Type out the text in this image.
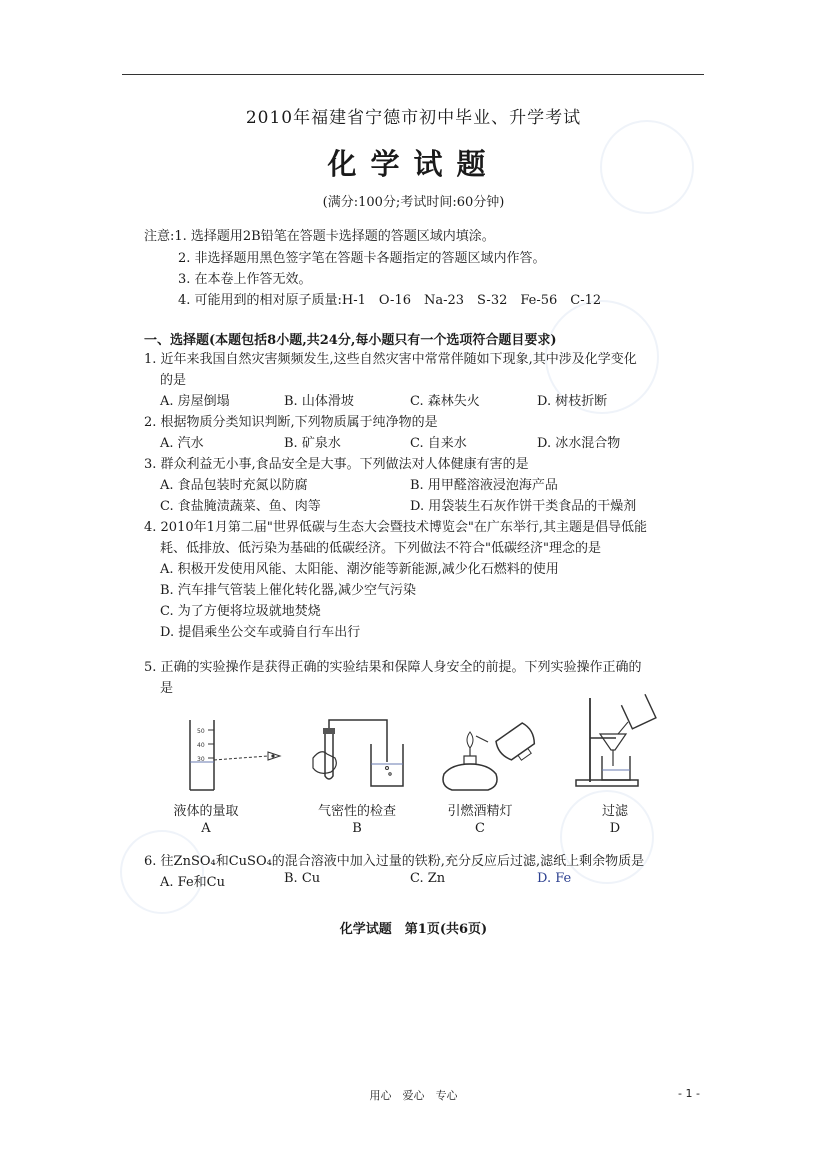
2010年福建省宁德市初中毕业、升学考试
化学试题
(满分:100分;考试时间:60分钟)
注意:1. 选择题用2B铅笔在答题卡选择题的答题区域内填涂。
2. 非选择题用黑色签字笔在答题卡各题指定的答题区域内作答。
3. 在本卷上作答无效。
4. 可能用到的相对原子质量:H-1　O-16　Na-23　S-32　Fe-56　C-12
一、选择题(本题包括8小题,共24分,每小题只有一个选项符合题目要求)
1. 近年来我国自然灾害频频发生,这些自然灾害中常常伴随如下现象,其中涉及化学变化
的是
A. 房屋倒塌	B. 山体滑坡	C. 森林失火	D. 树枝折断
2. 根据物质分类知识判断,下列物质属于纯净物的是
A. 汽水	B. 矿泉水	C. 自来水	D. 冰水混合物
3. 群众利益无小事,食品安全是大事。下列做法对人体健康有害的是
A. 食品包装时充氮以防腐	B. 用甲醛溶液浸泡海产品
C. 食盐腌渍蔬菜、鱼、肉等	D. 用袋装生石灰作饼干类食品的干燥剂
4. 2010年1月第二届"世界低碳与生态大会暨技术博览会"在广东举行,其主题是倡导低能
耗、低排放、低污染为基础的低碳经济。下列做法不符合"低碳经济"理念的是
A. 积极开发使用风能、太阳能、潮汐能等新能源,减少化石燃料的使用
B. 汽车排气管装上催化转化器,减少空气污染
C. 为了方便将垃圾就地焚烧
D. 提倡乘坐公交车或骑自行车出行
5. 正确的实验操作是获得正确的实验结果和保障人身安全的前提。下列实验操作正确的
是
50
40
30
液体的量取	气密性的检查	引燃酒精灯	过滤
A	B	C	D
6. 往ZnSO₄和CuSO₄的混合溶液中加入过量的铁粉,充分反应后过滤,滤纸上剩余物质是
A. Fe和Cu	B. Cu	C. Zn	D. Fe
化学试题　第1页(共6页)
用心　爱心　专心	- 1 -
